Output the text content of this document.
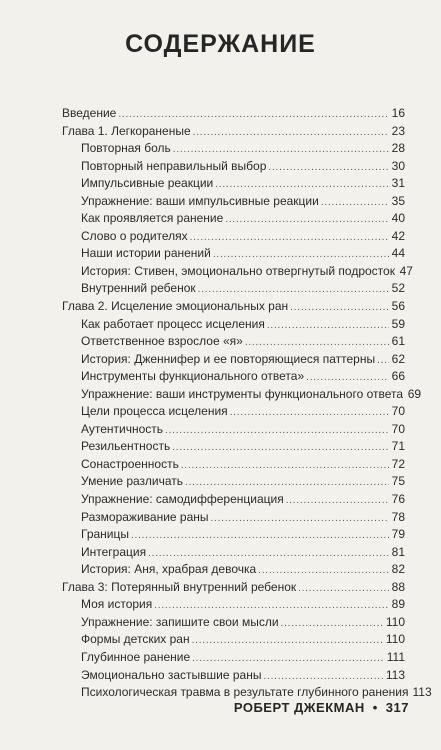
СОДЕРЖАНИЕ
Введение . . .	16
Глава 1. Легкораненые . . .	23
Повторная боль . . .	28
Повторный неправильный выбор . . .	30
Импульсивные реакции . . .	31
Упражнение: ваши импульсивные реакции . . .	35
Как проявляется ранение . . .	40
Слово о родителях . . .	42
Наши истории ранений . . .	44
История: Стивен, эмоционально отвергнутый подросток 47
Внутренний ребенок . . .	52
Глава 2. Исцеление эмоциональных ран . . .	56
Как работает процесс исцеления . . .	59
Ответственное взрослое «я» . . .	61
История: Дженнифер и ее повторяющиеся паттерны . . . 62
Инструменты функционального ответа» . . .	66
Упражнение: ваши инструменты функционального ответа 69
Цели процесса исцеления . . .	70
Аутентичность . . .	70
Резильентность . . .	71
Сонастроенность . . .	72
Умение различать . . .	75
Упражнение: самодифференциация . . .	76
Размораживание раны . . .	78
Границы . . .	79
Интеграция . . .	81
История: Аня, храбрая девочка . . .	82
Глава 3: Потерянный внутренний ребенок . . .	88
Моя история . . .	89
Упражнение: запишите свои мысли . . .	110
Формы детских ран . . .	110
Глубинное ранение . . .	111
Эмоционально застывшие раны . . .	113
Психологическая травма в результате глубинного ранения 113
РОБЕРТ ДЖЕКМАН • 317
